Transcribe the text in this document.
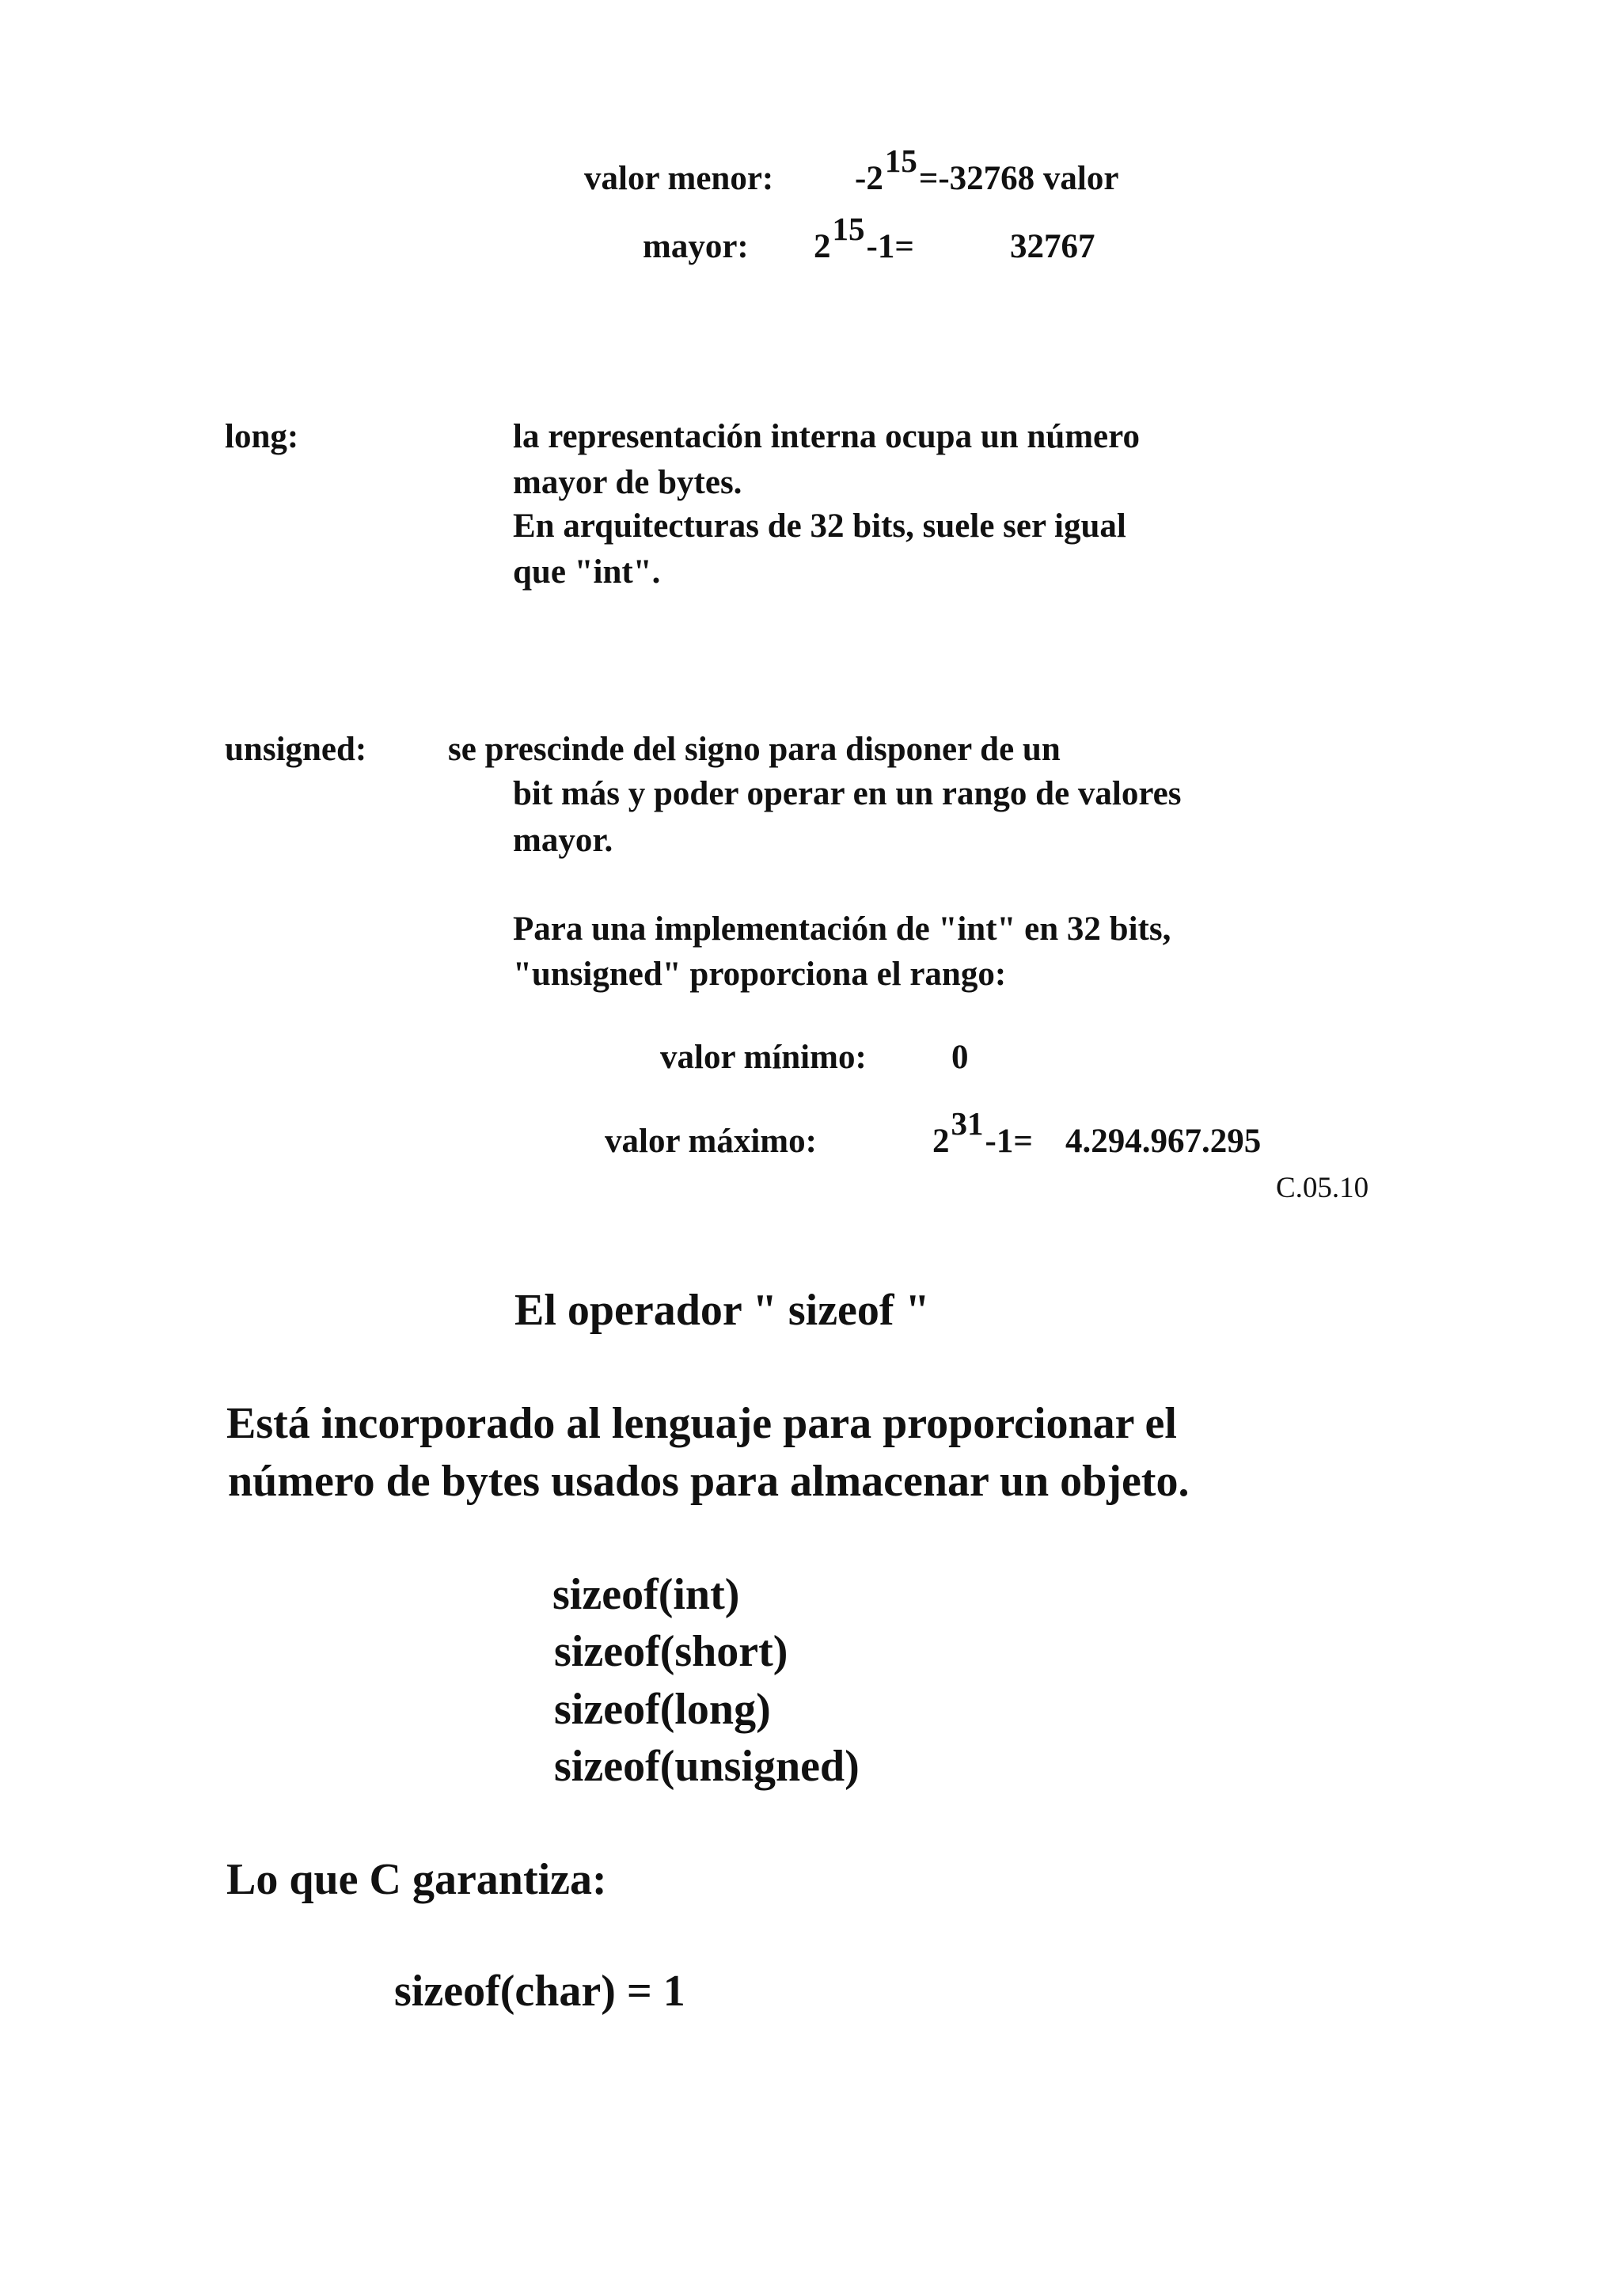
valor menor: -215=-32768 valor
mayor: 215-1=	32767
long:	la representación interna ocupa un número
mayor de bytes.
En arquitecturas de 32 bits, suele ser igual
que "int".
unsigned: se prescinde del signo para disponer de un
bit más y poder operar en un rango de valores
mayor.
Para una implementación de "int" en 32 bits,
"unsigned" proporciona el rango:
valor mínimo: 0
valor máximo:	231-1= 4.294.967.295
C.05.10
El operador " sizeof "
Está incorporado al lenguaje para proporcionar el
número de bytes usados para almacenar un objeto.
sizeof(int)
sizeof(short)
sizeof(long)
sizeof(unsigned)
Lo que C garantiza:
sizeof(char) = 1
